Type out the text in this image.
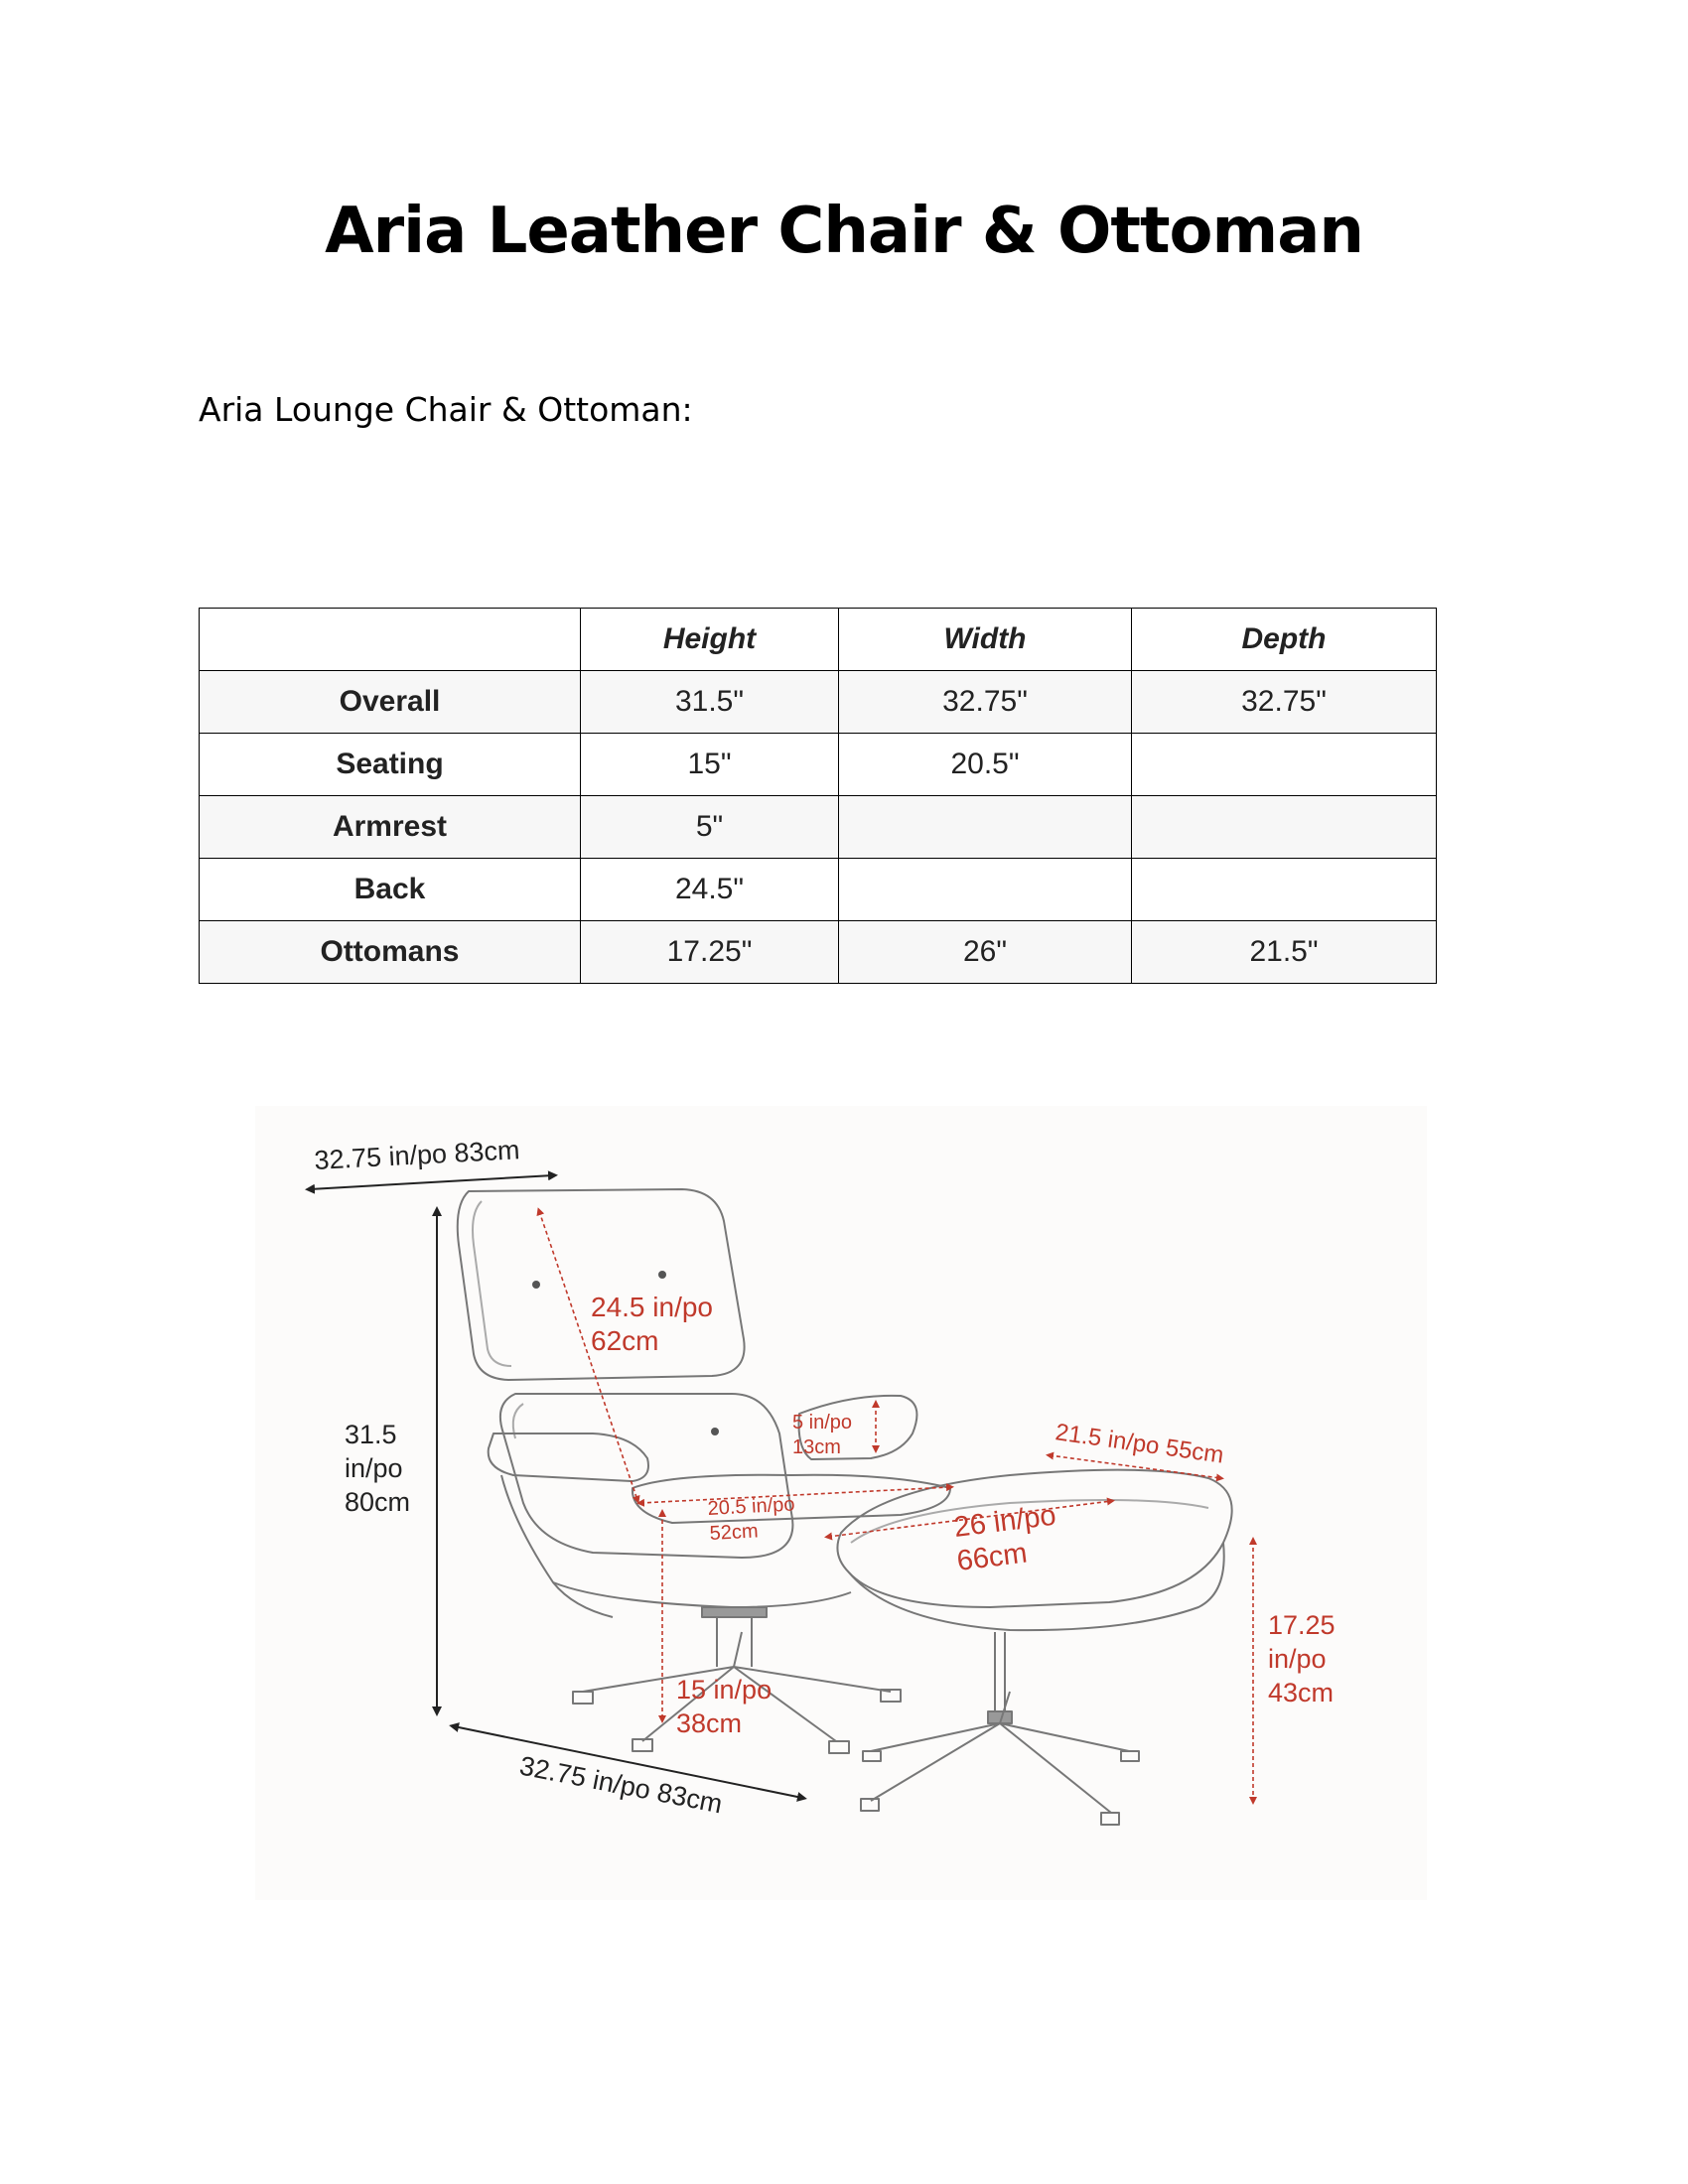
Aria Leather Chair & Ottoman

Aria Lounge Chair & Ottoman:

	Height	Width	Depth
Overall	31.5"	32.75"	32.75"
Seating	15"	20.5"	
Armrest	5"		
Back	24.5"		
Ottomans	17.25"	26"	21.5"
32.75 in/po 83cm
31.5
in/po
80cm
32.75 in/po 83cm
24.5 in/po
62cm
5 in/po
13cm
20.5 in/po
52cm	26 in/po
66cm
21.5 in/po 55cm
15 in/po
38cm
17.25
in/po
43cm
